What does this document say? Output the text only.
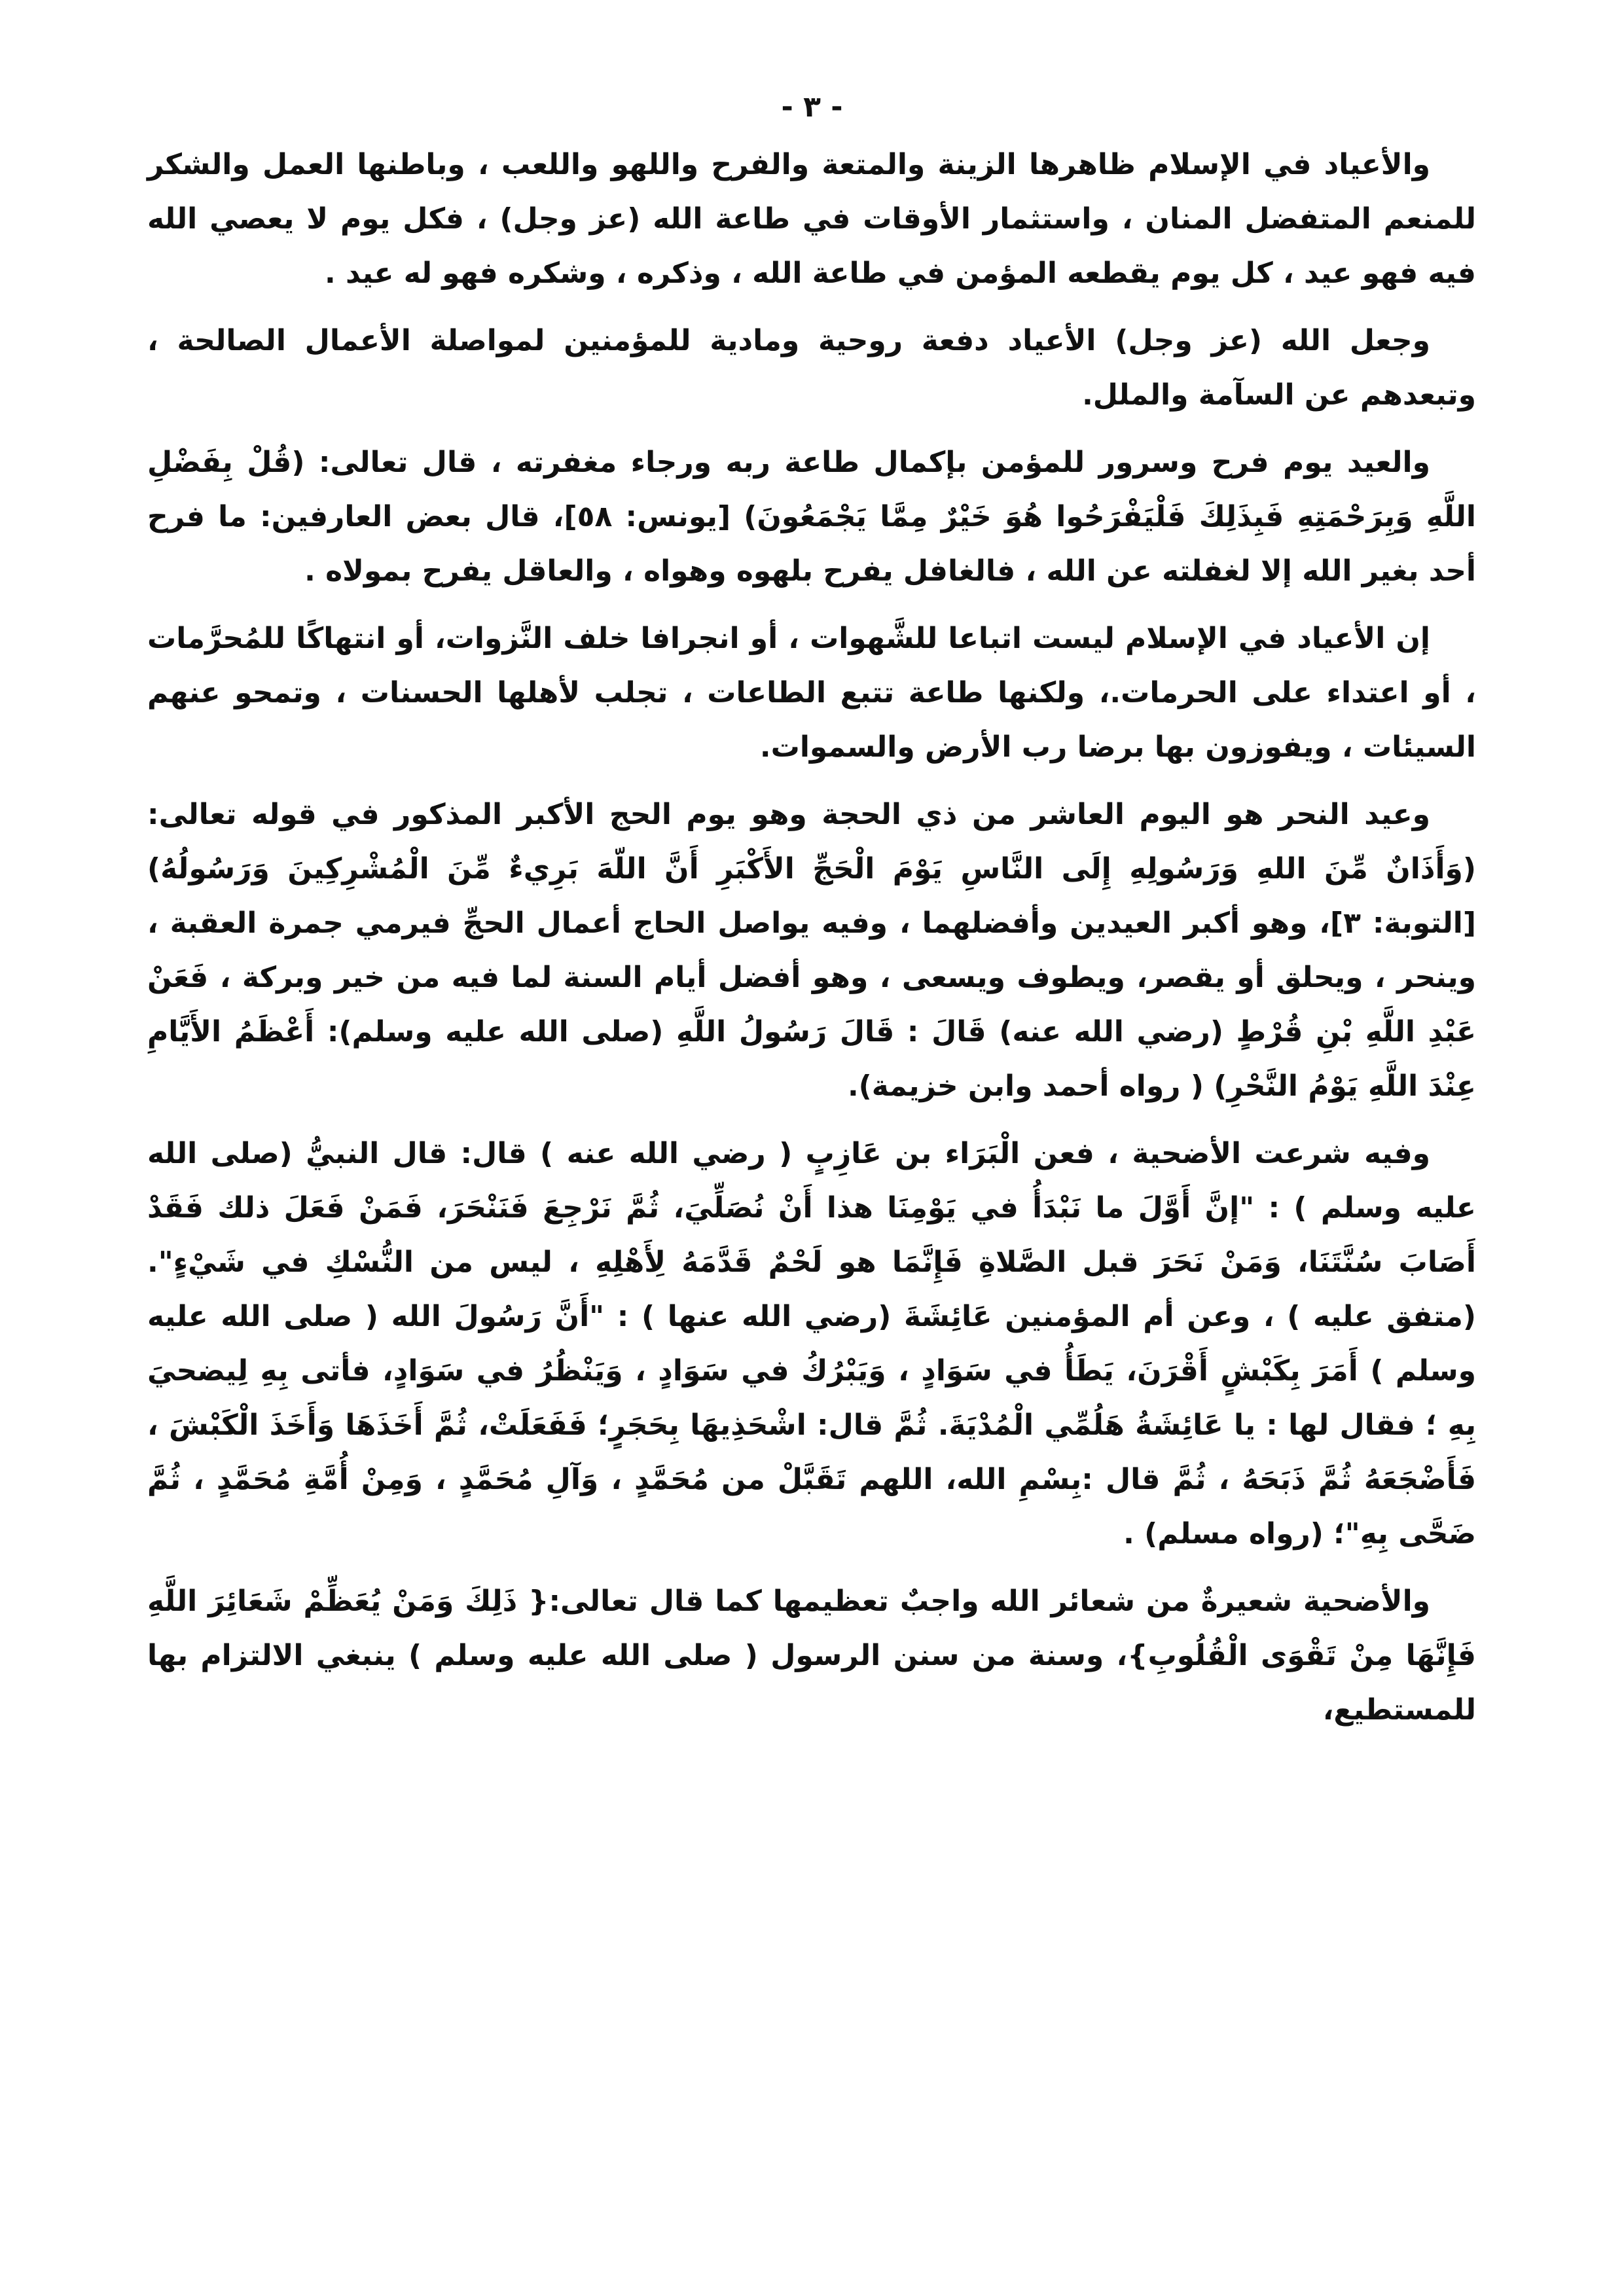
- ٣ -

والأعياد في الإسلام ظاهرها الزينة والمتعة والفرح واللهو واللعب ، وباطنها العمل والشكر للمنعم المتفضل المنان ، واستثمار الأوقات في طاعة الله (عز وجل) ، فكل يوم لا يعصي الله فيه فهو عيد ، كل يوم يقطعه المؤمن في طاعة الله ، وذكره ، وشكره فهو له عيد .

وجعل الله (عز وجل) الأعياد دفعة روحية ومادية للمؤمنين لمواصلة الأعمال الصالحة ، وتبعدهم عن السآمة والملل.

والعيد يوم فرح وسرور للمؤمن بإكمال طاعة ربه ورجاء مغفرته ، قال تعالى: (قُلْ بِفَضْلِ اللَّهِ وَبِرَحْمَتِهِ فَبِذَلِكَ فَلْيَفْرَحُوا هُوَ خَيْرٌ مِمَّا يَجْمَعُونَ) [يونس: ٥٨]، قال بعض العارفين: ما فرح أحد بغير الله إلا لغفلته عن الله ، فالغافل يفرح بلهوه وهواه ، والعاقل يفرح بمولاه .

إن الأعياد في الإسلام ليست اتباعا للشَّهوات ، أو انجرافا خلف النَّزوات، أو انتهاكًا للمُحرَّمات ، أو اعتداء على الحرمات.، ولكنها طاعة تتبع الطاعات ، تجلب لأهلها الحسنات ، وتمحو عنهم السيئات ، ويفوزون بها برضا رب الأرض والسموات.

وعيد النحر هو اليوم العاشر من ذي الحجة وهو يوم الحج الأكبر المذكور في قوله تعالى: (وَأَذَانٌ مِّنَ اللهِ وَرَسُولِهِ إِلَى النَّاسِ يَوْمَ الْحَجِّ الأَكْبَرِ أَنَّ اللّهَ بَرِيءٌ مِّنَ الْمُشْرِكِينَ وَرَسُولُهُ) [التوبة: ٣]، وهو أكبر العيدين وأفضلهما ، وفيه يواصل الحاج أعمال الحجِّ فيرمي جمرة العقبة ، وينحر ، ويحلق أو يقصر، ويطوف ويسعى ، وهو أفضل أيام السنة لما فيه من خير وبركة ، فَعَنْ عَبْدِ اللَّهِ بْنِ قُرْطٍ (رضي الله عنه) قَالَ : قَالَ رَسُولُ اللَّهِ (صلى الله عليه وسلم): أَعْظَمُ الأَيَّامِ عِنْدَ اللَّهِ يَوْمُ النَّحْرِ) ( رواه أحمد وابن خزيمة).

وفيه شرعت الأضحية ، فعن الْبَرَاء بن عَازِبٍ ( رضي الله عنه ) قال: قال النبيُّ (صلى الله عليه وسلم ) : "إنَّ أَوَّلَ ما نَبْدَأُ في يَوْمِنَا هذا أَنْ نُصَلِّيَ، ثُمَّ نَرْجِعَ فَنَنْحَرَ، فَمَنْ فَعَلَ ذلك فَقَدْ أَصَابَ سُنَّتَنَا، وَمَنْ نَحَرَ قبل الصَّلاةِ فَإِنَّمَا هو لَحْمٌ قَدَّمَهُ لِأَهْلِهِ ، ليس من النُّسْكِ في شَيْءٍ". (متفق عليه ) ، وعن أم المؤمنين عَائِشَةَ (رضي الله عنها ) : "أَنَّ رَسُولَ الله ( صلى الله عليه وسلم ) أَمَرَ بِكَبْشٍ أَقْرَنَ، يَطَأُ في سَوَادٍ ، وَيَبْرُكُ في سَوَادٍ ، وَيَنْظُرُ في سَوَادٍ، فأتى بِهِ لِيضحيَ بِهِ ؛ فقال لها : يا عَائِشَةُ هَلُمِّي الْمُدْيَةَ. ثُمَّ قال: اشْحَذِيهَا بِحَجَرٍ؛ فَفَعَلَتْ، ثُمَّ أَخَذَهَا وَأَخَذَ الْكَبْشَ ، فَأَضْجَعَهُ ثُمَّ ذَبَحَهُ ، ثُمَّ قال :بِسْمِ الله، اللهم تَقَبَّلْ من مُحَمَّدٍ ، وَآلِ مُحَمَّدٍ ، وَمِنْ أُمَّةِ مُحَمَّدٍ ، ثُمَّ ضَحَّى بِهِ"؛ (رواه مسلم) .

والأضحية شعيرةٌ من شعائر الله واجبٌ تعظيمها كما قال تعالى:{ ذَلِكَ وَمَنْ يُعَظِّمْ شَعَائِرَ اللَّهِ فَإِنَّهَا مِنْ تَقْوَى الْقُلُوبِ}، وسنة من سنن الرسول ( صلى الله عليه وسلم ) ينبغي الالتزام بها للمستطيع،
